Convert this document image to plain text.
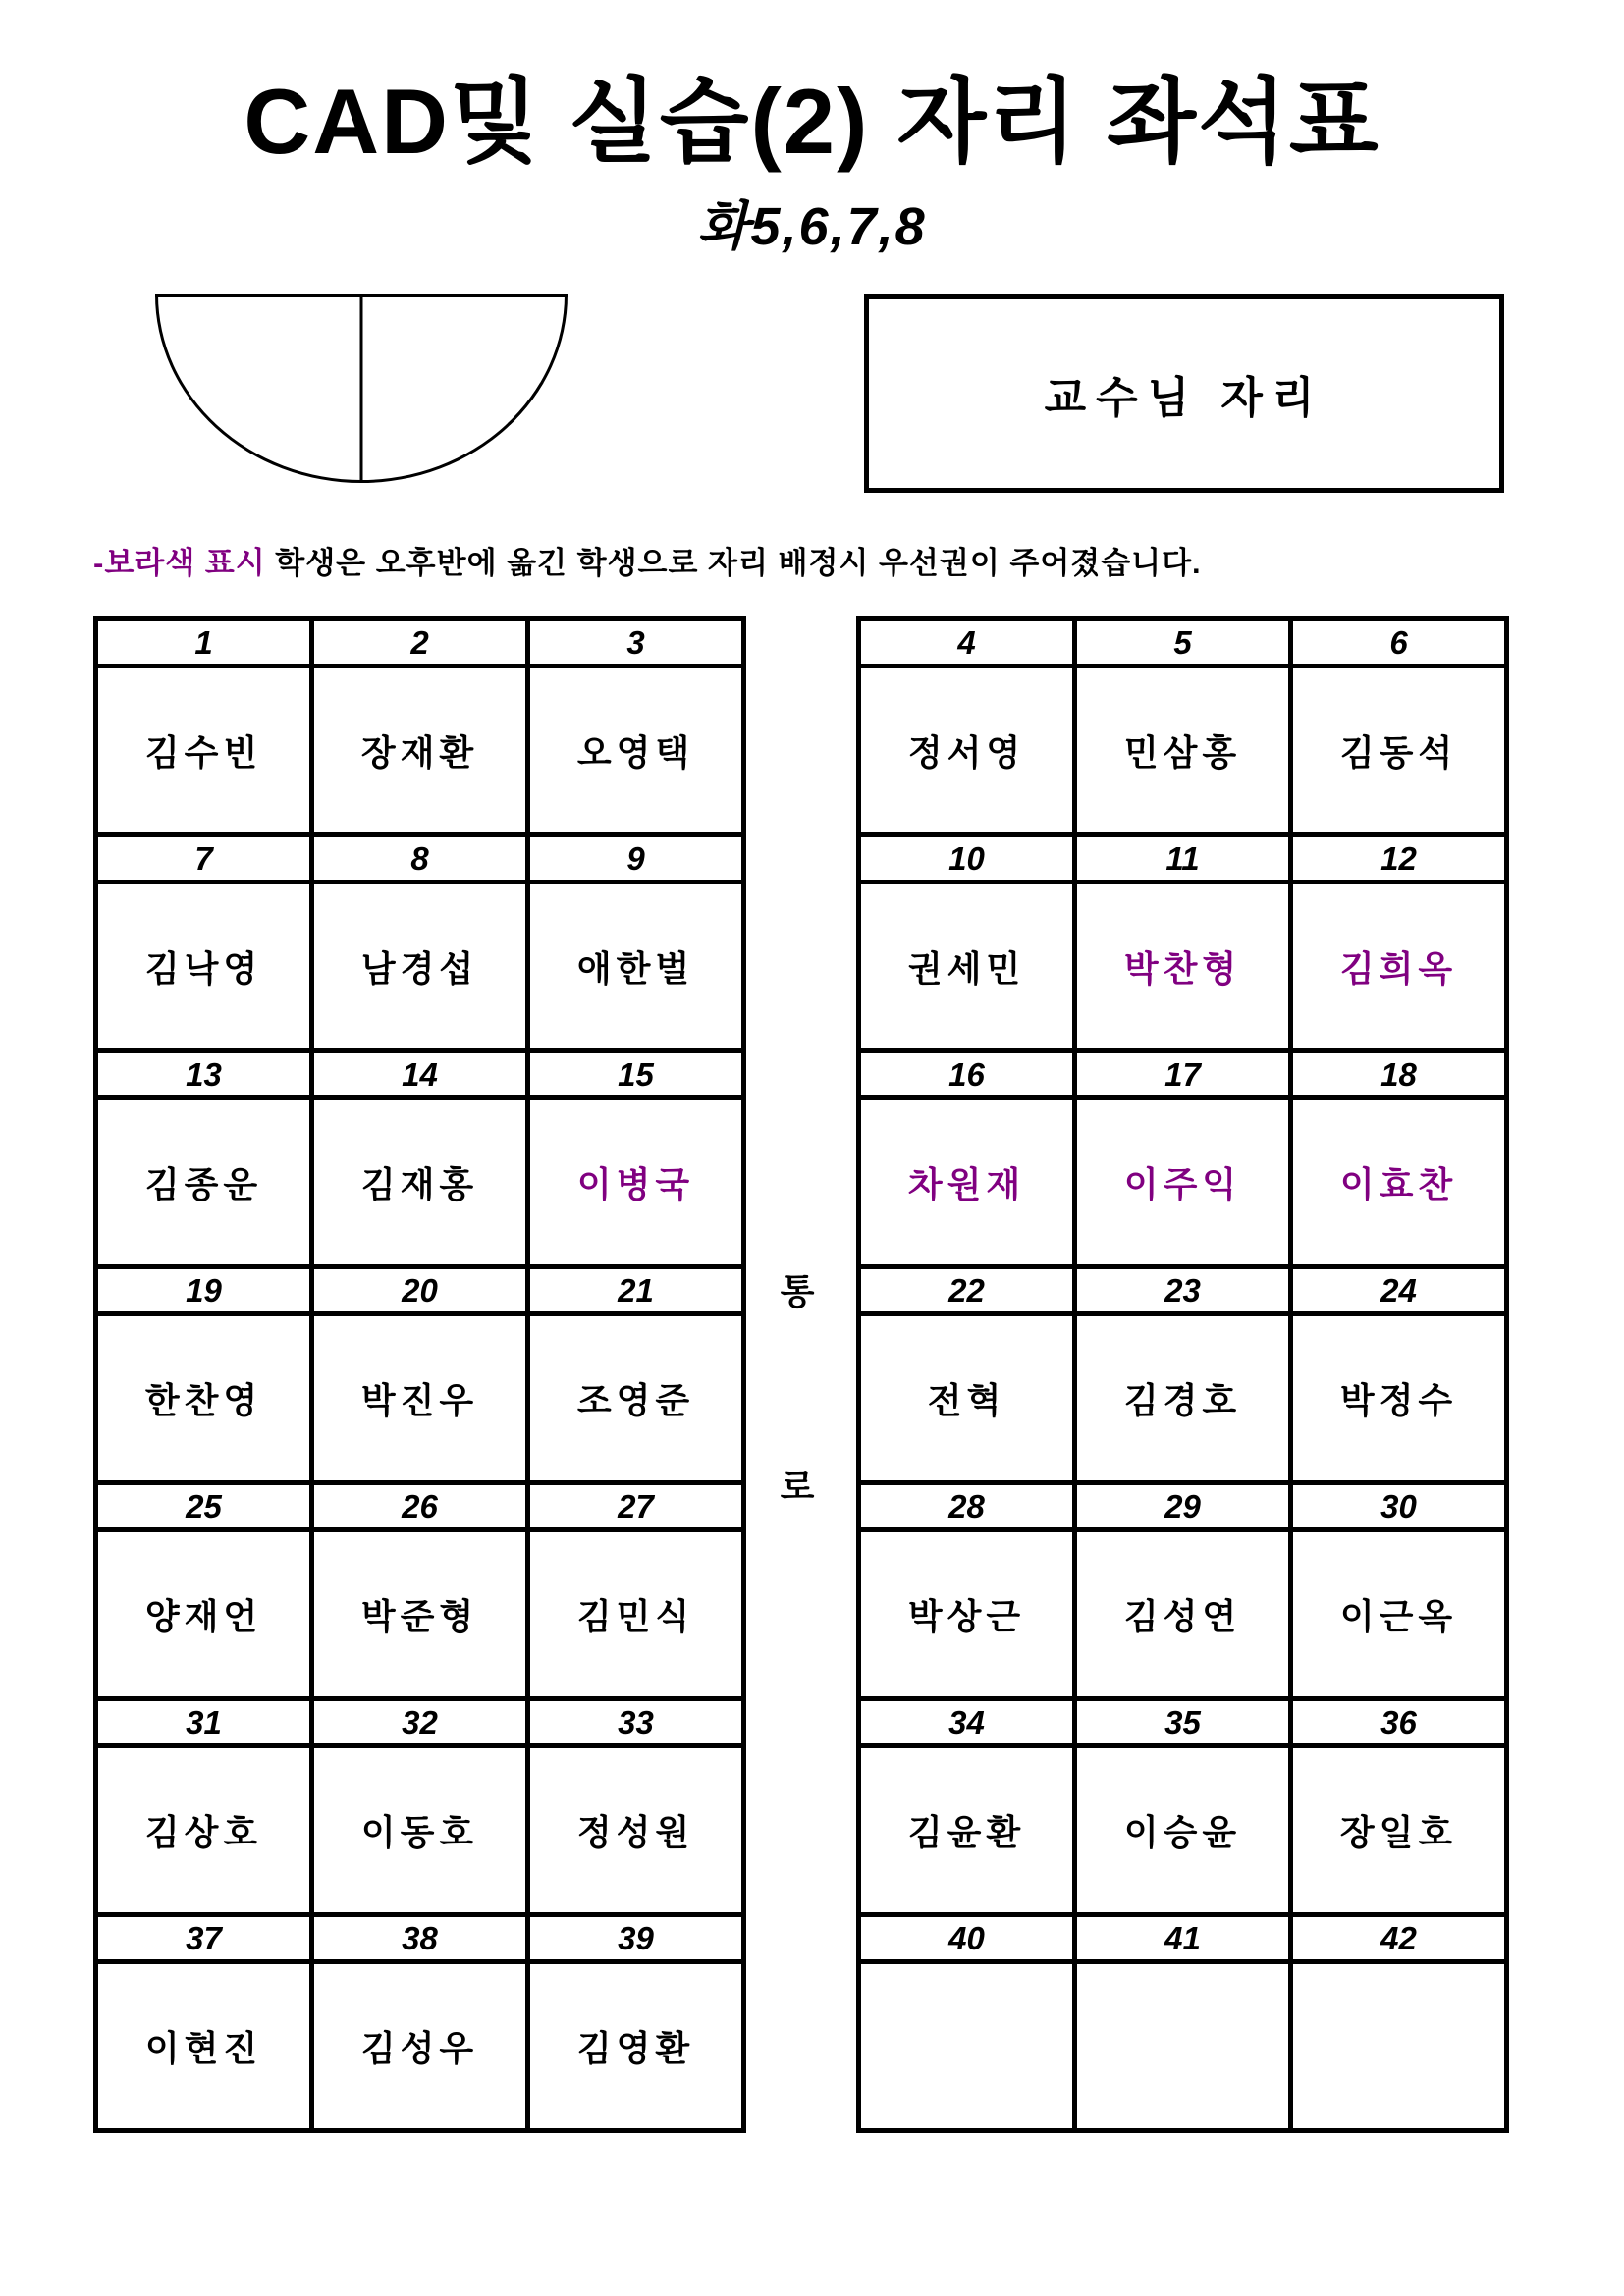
CAD및 실습(2) 자리 좌석표
화5,6,7,8
교수님 자리
-보라색 표시 학생은 오후반에 옮긴 학생으로 자리 배정시 우선권이 주어졌습니다.
1	2	3
김수빈	장재환	오영택
7	8	9
김낙영	남경섭	애한벌
13	14	15
김종운	김재홍	이병국
19	20	21
한찬영	박진우	조영준
25	26	27
양재언	박준형	김민식
31	32	33
김상호	이동호	정성원
37	38	39
이현진	김성우	김영환
통
로
4	5	6
정서영	민삼홍	김동석
10	11	12
권세민	박찬형	김희옥
16	17	18
차원재	이주익	이효찬
22	23	24
전혁	김경호	박정수
28	29	30
박상근	김성연	이근옥
34	35	36
김윤환	이승윤	장일호
40	41	42
